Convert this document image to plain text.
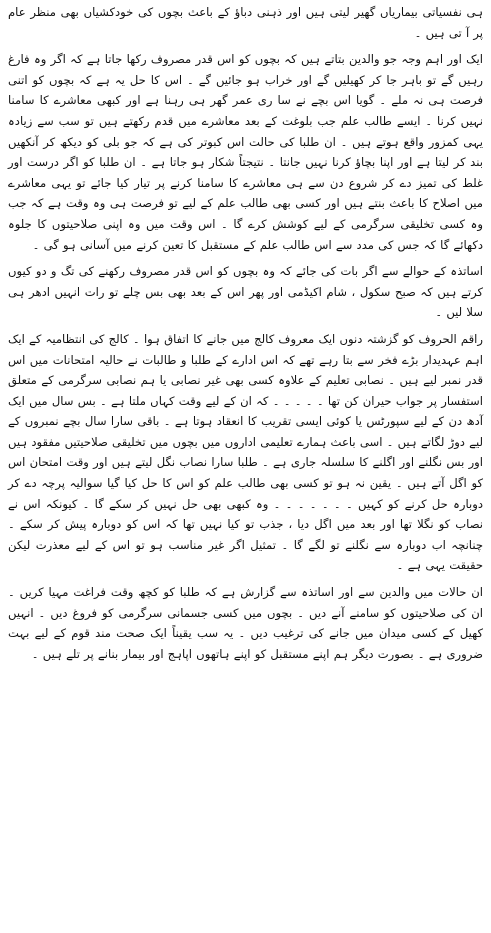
ہی نفسیاتی بیماریاں گھیر لیتی ہیں اور ذہنی دباؤ کے باعث بچوں کی خودکشیاں بھی منظر عام پر آ تی ہیں ۔

ایک اور اہم وجہ جو والدین بتاتے ہیں کہ بچوں کو اس قدر مصروف رکھا جاتا ہے کہ اگر وہ فارغ رہیں گے تو باہر جا کر کھیلیں گے اور خراب ہو جائیں گے ۔ اس کا حل یہ ہے کہ بچوں کو اتنی فرصت ہی نہ ملے ۔ گویا اس بچے نے سا ری عمر گھر ہی رہنا ہے اور کبھی معاشرے کا سامنا نہیں کرنا ۔ ایسے طالب علم جب بلوغت کے بعد معاشرے میں قدم رکھتے ہیں تو سب سے زیادہ یہی کمزور واقع ہوتے ہیں ۔ ان طلبا کی حالت اس کبوتر کی ہے کہ جو بلی کو دیکھ کر آنکھیں بند کر لیتا ہے اور اپنا بچاؤ کرنا نہیں جانتا ۔ نتیجتاً شکار ہو جاتا ہے ۔ ان طلبا کو اگر درست اور غلط کی تمیز دے کر شروع دن سے ہی معاشرے کا سامنا کرنے پر تیار کیا جائے تو یہی معاشرے میں اصلاح کا باعث بنتے ہیں اور کسی بھی طالب علم کے لیے تو فرصت ہی وہ وقت ہے کہ جب وہ کسی تخلیقی سرگرمی کے لیے کوشش کرے گا ۔ اس وقت میں وہ اپنی صلاحیتوں کا جلوہ دکھائے گا کہ جس کی مدد سے اس طالب علم کے مستقبل کا تعین کرنے میں آسانی ہو گی ۔

اساتذہ کے حوالے سے اگر بات کی جائے کہ وہ بچوں کو اس قدر مصروف رکھنے کی تگ و دو کیوں کرتے ہیں کہ صبح سکول ، شام اکیڈمی اور پھر اس کے بعد بھی بس چلے تو رات انہیں ادھر ہی سلا لیں ۔

راقم الحروف کو گزشتہ دنوں ایک معروف کالج میں جانے کا اتفاق ہوا ۔ کالج کی انتظامیہ کے ایک اہم عہدیدار بڑے فخر سے بتا رہے تھے کہ اس ادارے کے طلبا و طالبات نے حالیہ امتحانات میں اس قدر نمبر لیے ہیں ۔ نصابی تعلیم کے علاوہ کسی بھی غیر نصابی یا ہم نصابی سرگرمی کے متعلق استفسار پر جواب حیران کن تھا ۔ ۔ ۔ ۔ ۔ کہ ان کے لیے وقت کہاں ملتا ہے ۔ بس سال میں ایک آدھ دن کے لیے سپورٹس یا کوئی ایسی تقریب کا انعقاد ہوتا ہے ۔ باقی سارا سال بچے نمبروں کے لیے دوڑ لگاتے ہیں ۔ اسی باعث ہمارے تعلیمی اداروں میں بچوں میں تخلیقی صلاحیتیں مفقود ہیں اور بس نگلنے اور اگلنے کا سلسلہ جاری ہے ۔ طلبا سارا نصاب نگل لیتے ہیں اور وقت امتحان اس کو اگل آتے ہیں ۔ یقین نہ ہو تو کسی بھی طالب علم کو اس کا حل کیا گیا سوالیہ پرچہ دے کر دوبارہ حل کرنے کو کہیں ۔ ۔ ۔ ۔ ۔ ۔ ۔ وہ کبھی بھی حل نہیں کر سکے گا ۔ کیونکہ اس نے نصاب کو نگلا تھا اور بعد میں اگل دیا ، جذب تو کیا نہیں تھا کہ اس کو دوبارہ پیش کر سکے ۔ چنانچہ اب دوبارہ سے نگلنے تو لگے گا ۔ تمثیل اگر غیر مناسب ہو تو اس کے لیے معذرت لیکن حقیقت یہی ہے ۔

ان حالات میں والدین سے اور اساتذہ سے گزارش ہے کہ طلبا کو کچھ وقت فراغت مہیا کریں ۔ ان کی صلاحیتوں کو سامنے آنے دیں ۔ بچوں میں کسی جسمانی سرگرمی کو فروغ دیں ۔ انہیں کھیل کے کسی میدان میں جانے کی ترغیب دیں ۔ یہ سب یقیناً ایک صحت مند قوم کے لیے بہت ضروری ہے ۔ بصورت دیگر ہم اپنے مستقبل کو اپنے ہاتھوں اپاہج اور بیمار بنانے پر تلے ہیں ۔
